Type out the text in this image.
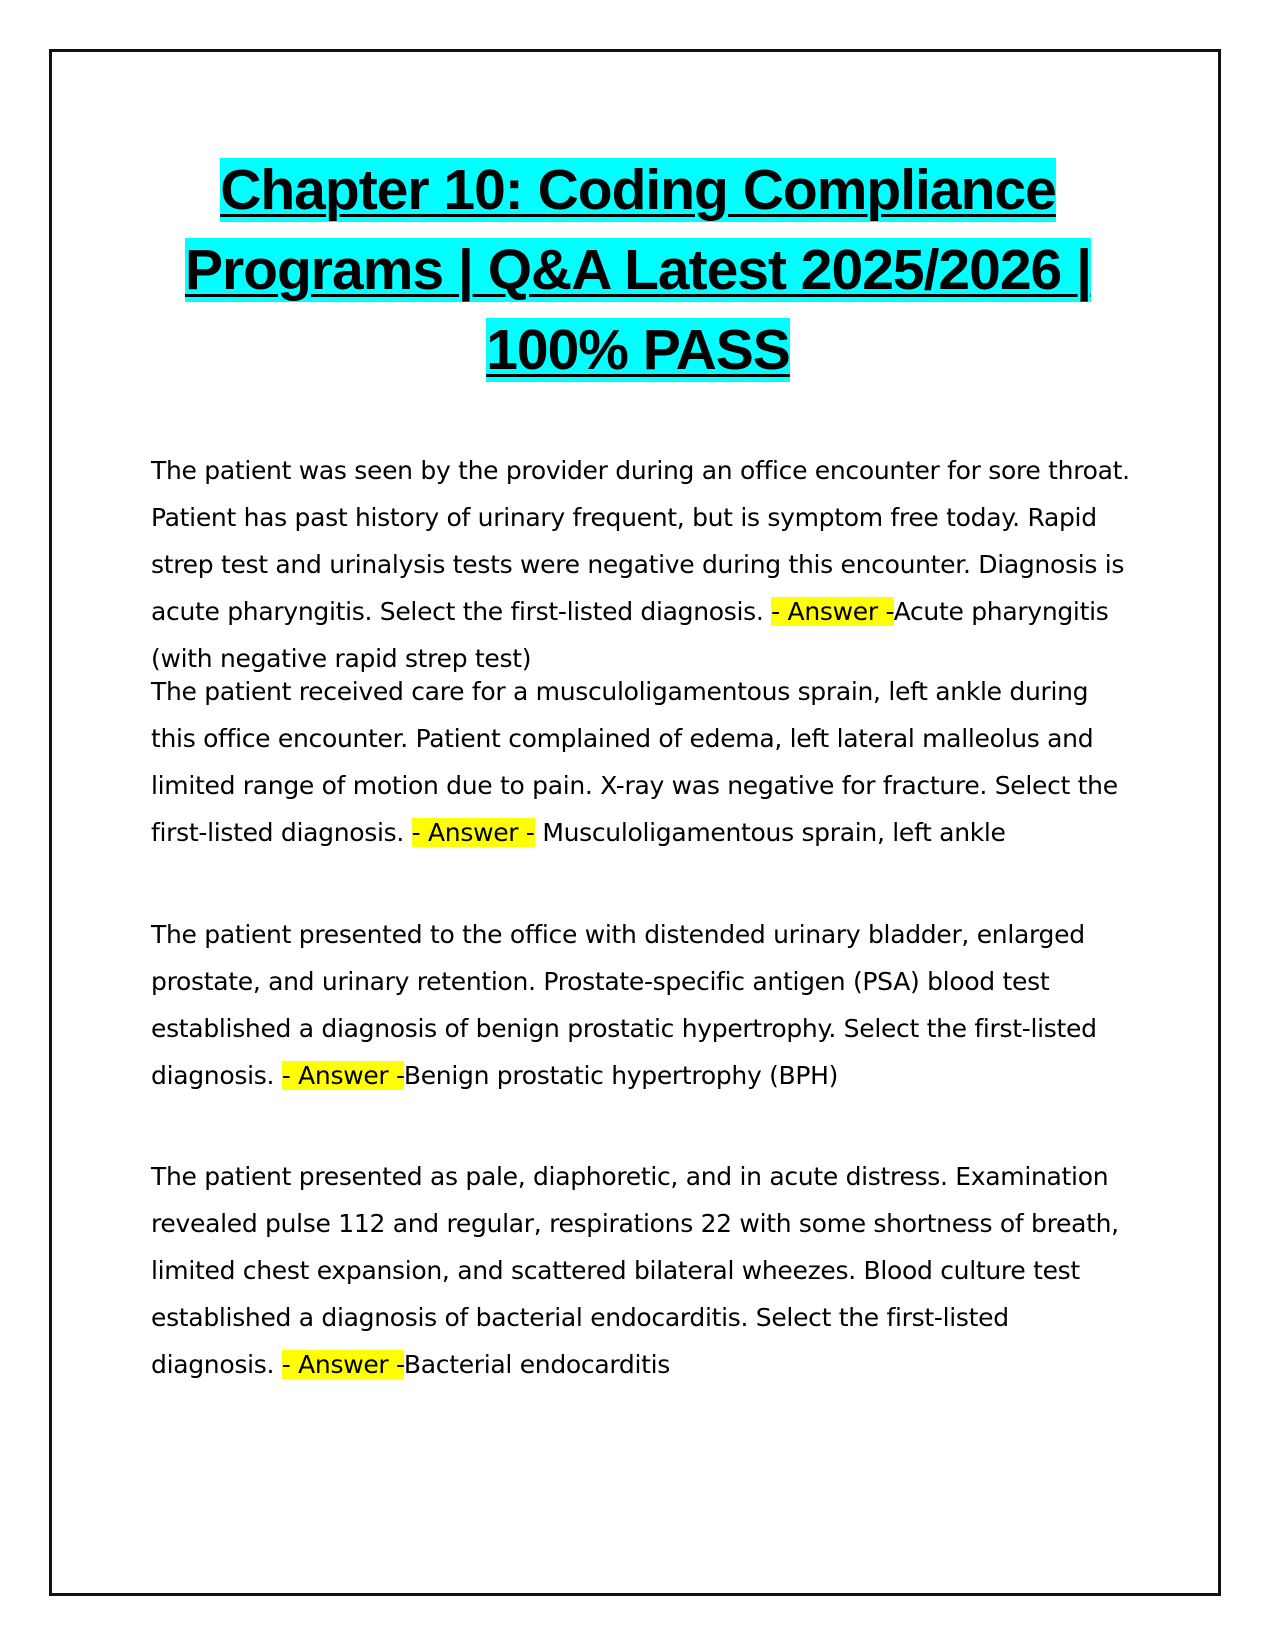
Chapter 10: Coding Compliance Programs | Q&A Latest 2025/2026 | 100% PASS

The patient was seen by the provider during an office encounter for sore throat. Patient has past history of urinary frequent, but is symptom free today. Rapid strep test and urinalysis tests were negative during this encounter. Diagnosis is acute pharyngitis. Select the first-listed diagnosis. - Answer -Acute pharyngitis (with negative rapid strep test)

The patient received care for a musculoligamentous sprain, left ankle during this office encounter. Patient complained of edema, left lateral malleolus and limited range of motion due to pain. X-ray was negative for fracture. Select the first-listed diagnosis. - Answer - Musculoligamentous sprain, left ankle

The patient presented to the office with distended urinary bladder, enlarged prostate, and urinary retention. Prostate-specific antigen (PSA) blood test established a diagnosis of benign prostatic hypertrophy. Select the first-listed diagnosis. - Answer -Benign prostatic hypertrophy (BPH)

The patient presented as pale, diaphoretic, and in acute distress. Examination revealed pulse 112 and regular, respirations 22 with some shortness of breath, limited chest expansion, and scattered bilateral wheezes. Blood culture test established a diagnosis of bacterial endocarditis. Select the first-listed diagnosis. - Answer -Bacterial endocarditis
